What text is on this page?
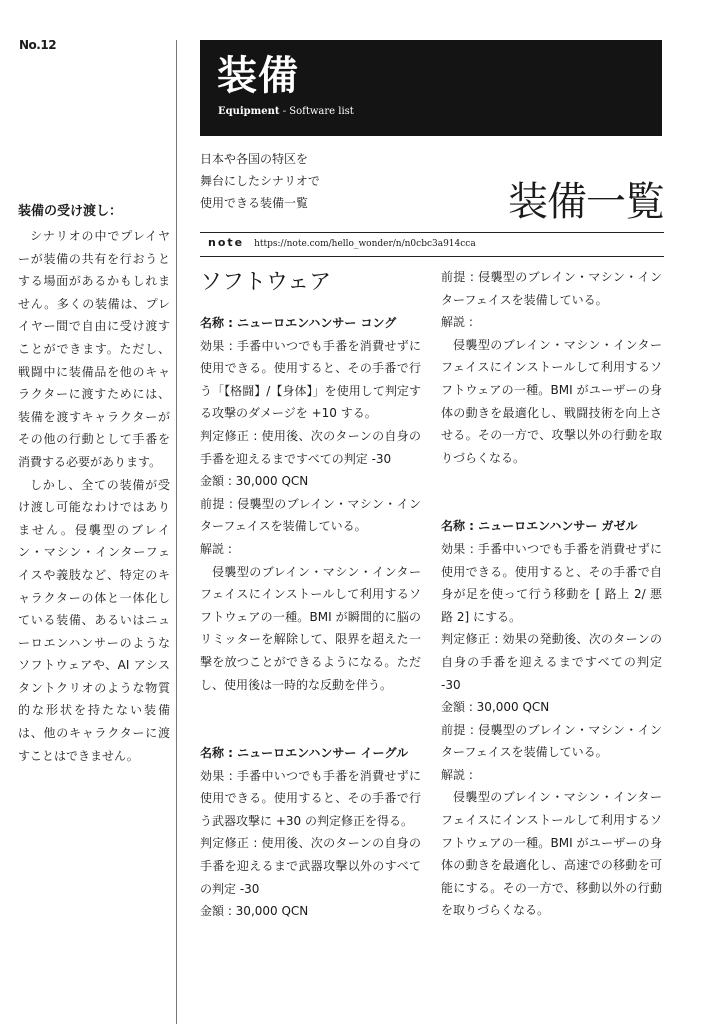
No.12
装備の受け渡し：

シナリオの中でプレイヤーが装備の共有を行おうとする場面があるかもしれません。多くの装備は、プレイヤー間で自由に受け渡すことができます。ただし、戦闘中に装備品を他のキャラクターに渡すためには、装備を渡すキャラクターがその他の行動として手番を消費する必要があります。

しかし、全ての装備が受け渡し可能なわけではありません。侵襲型のブレイン・マシン・インターフェイスや義肢など、特定のキャラクターの体と一体化している装備、あるいはニューロエンハンサーのようなソフトウェアや、AI アシスタントクリオのような物質的な形状を持たない装備は、他のキャラクターに渡すことはできません。

装備
Equipment - Software list
日本や各国の特区を
舞台にしたシナリオで
使用できる装備一覧	装備一覧
note https://note.com/hello_wonder/n/n0cbc3a914cca
ソフトウェア
名称 : ニューロエンハンサー コング

効果 : 手番中いつでも手番を消費せずに使用できる。使用すると、その手番で行う「【格闘】/【身体】」を使用して判定する攻撃のダメージを +10 する。

判定修正 : 使用後、次のターンの自身の手番を迎えるまですべての判定 -30

金額 : 30,000 QCN

前提 : 侵襲型のブレイン・マシン・インターフェイスを装備している。

解説 :

侵襲型のブレイン・マシン・インターフェイスにインストールして利用するソフトウェアの一種。BMI が瞬間的に脳のリミッターを解除して、限界を超えた一撃を放つことができるようになる。ただし、使用後は一時的な反動を伴う。

名称 : ニューロエンハンサー イーグル

効果 : 手番中いつでも手番を消費せずに使用できる。使用すると、その手番で行う武器攻撃に +30 の判定修正を得る。

判定修正 : 使用後、次のターンの自身の手番を迎えるまで武器攻撃以外のすべての判定 -30

金額 : 30,000 QCN

前提 : 侵襲型のブレイン・マシン・インターフェイスを装備している。

解説 :

侵襲型のブレイン・マシン・インターフェイスにインストールして利用するソフトウェアの一種。BMI がユーザーの身体の動きを最適化し、戦闘技術を向上させる。その一方で、攻撃以外の行動を取りづらくなる。

名称 : ニューロエンハンサー ガゼル

効果 : 手番中いつでも手番を消費せずに使用できる。使用すると、その手番で自身が足を使って行う移動を [ 路上 2/ 悪路 2] にする。

判定修正 : 効果の発動後、次のターンの自身の手番を迎えるまですべての判定 -30

金額 : 30,000 QCN

前提 : 侵襲型のブレイン・マシン・インターフェイスを装備している。

解説 :

侵襲型のブレイン・マシン・インターフェイスにインストールして利用するソフトウェアの一種。BMI がユーザーの身体の動きを最適化し、高速での移動を可能にする。その一方で、移動以外の行動を取りづらくなる。
